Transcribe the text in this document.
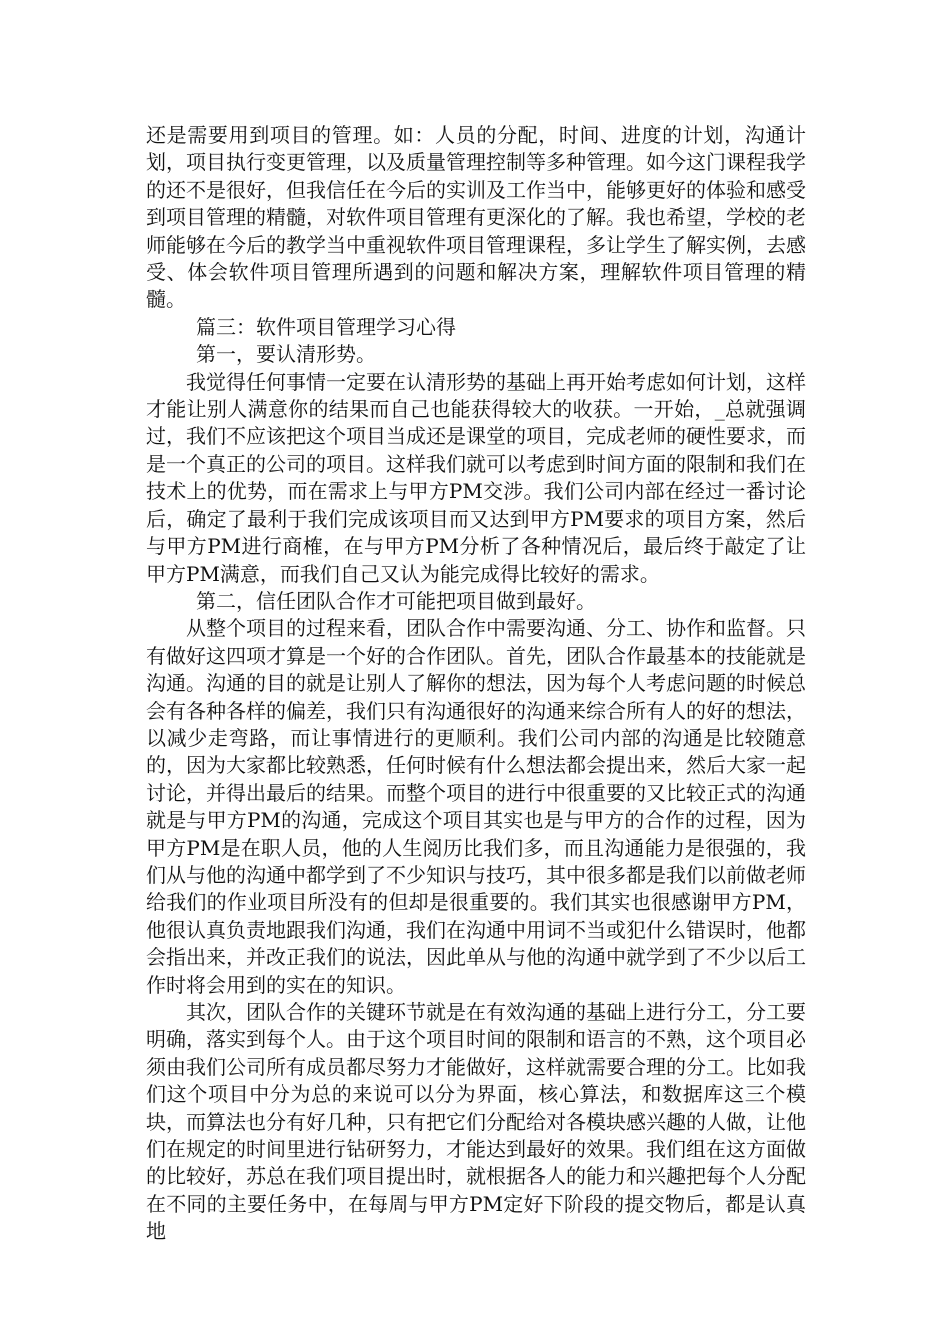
还是需要用到项目的管理。如：人员的分配，时间、进度的计划，沟通计划，项目执行变更管理，以及质量管理控制等多种管理。如今这门课程我学的还不是很好，但我信任在今后的实训及工作当中，能够更好的体验和感受到项目管理的精髓，对软件项目管理有更深化的了解。我也希望，学校的老师能够在今后的教学当中重视软件项目管理课程，多让学生了解实例，去感受、体会软件项目管理所遇到的问题和解决方案，理解软件项目管理的精髓。

篇三：软件项目管理学习心得

第一，要认清形势。

我觉得任何事情一定要在认清形势的基础上再开始考虑如何计划，这样才能让别人满意你的结果而自己也能获得较大的收获。一开始，_总就强调过，我们不应该把这个项目当成还是课堂的项目，完成老师的硬性要求，而是一个真正的公司的项目。这样我们就可以考虑到时间方面的限制和我们在技术上的优势，而在需求上与甲方PM交涉。我们公司内部在经过一番讨论后，确定了最利于我们完成该项目而又达到甲方PM要求的项目方案，然后与甲方PM进行商榷，在与甲方PM分析了各种情况后，最后终于敲定了让甲方PM满意，而我们自己又认为能完成得比较好的需求。

第二，信任团队合作才可能把项目做到最好。

从整个项目的过程来看，团队合作中需要沟通、分工、协作和监督。只有做好这四项才算是一个好的合作团队。首先，团队合作最基本的技能就是沟通。沟通的目的就是让别人了解你的想法，因为每个人考虑问题的时候总会有各种各样的偏差，我们只有沟通很好的沟通来综合所有人的好的想法，以减少走弯路，而让事情进行的更顺利。我们公司内部的沟通是比较随意的，因为大家都比较熟悉，任何时候有什么想法都会提出来，然后大家一起讨论，并得出最后的结果。而整个项目的进行中很重要的又比较正式的沟通就是与甲方PM的沟通，完成这个项目其实也是与甲方的合作的过程，因为甲方PM是在职人员，他的人生阅历比我们多，而且沟通能力是很强的，我们从与他的沟通中都学到了不少知识与技巧，其中很多都是我们以前做老师给我们的作业项目所没有的但却是很重要的。我们其实也很感谢甲方PM，他很认真负责地跟我们沟通，我们在沟通中用词不当或犯什么错误时，他都会指出来，并改正我们的说法，因此单从与他的沟通中就学到了不少以后工作时将会用到的实在的知识。

其次，团队合作的关键环节就是在有效沟通的基础上进行分工，分工要明确，落实到每个人。由于这个项目时间的限制和语言的不熟，这个项目必须由我们公司所有成员都尽努力才能做好，这样就需要合理的分工。比如我们这个项目中分为总的来说可以分为界面，核心算法，和数据库这三个模块，而算法也分有好几种，只有把它们分配给对各模块感兴趣的人做，让他们在规定的时间里进行钻研努力，才能达到最好的效果。我们组在这方面做的比较好，苏总在我们项目提出时，就根据各人的能力和兴趣把每个人分配在不同的主要任务中，在每周与甲方PM定好下阶段的提交物后，都是认真地
